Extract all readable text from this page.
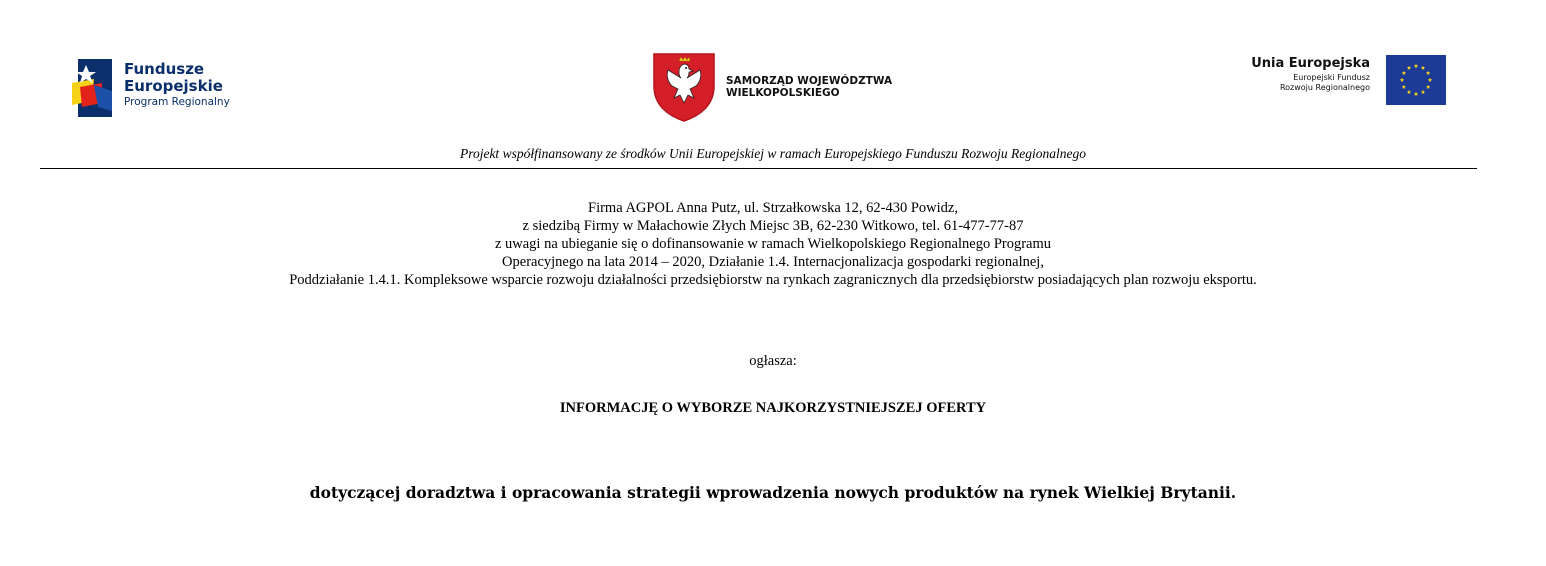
Fundusze
Europejskie
Program Regionalny
SAMORZĄD WOJEWÓDZTWA
WIELKOPOLSKIEGO
Unia Europejska
Europejski Fundusz
Rozwoju Regionalnego
Projekt współfinansowany ze środków Unii Europejskiej w ramach Europejskiego Funduszu Rozwoju Regionalnego
Firma AGPOL Anna Putz, ul. Strzałkowska 12, 62-430 Powidz,
z siedzibą Firmy w Małachowie Złych Miejsc 3B, 62-230 Witkowo, tel. 61-477-77-87
z uwagi na ubieganie się o dofinansowanie w ramach Wielkopolskiego Regionalnego Programu
Operacyjnego na lata 2014 – 2020, Działanie 1.4. Internacjonalizacja gospodarki regionalnej,
Poddziałanie 1.4.1. Kompleksowe wsparcie rozwoju działalności przedsiębiorstw na rynkach zagranicznych dla przedsiębiorstw posiadających plan rozwoju eksportu.
ogłasza:
INFORMACJĘ O WYBORZE NAJKORZYSTNIEJSZEJ OFERTY
dotyczącej doradztwa i opracowania strategii wprowadzenia nowych produktów na rynek Wielkiej Brytanii.
